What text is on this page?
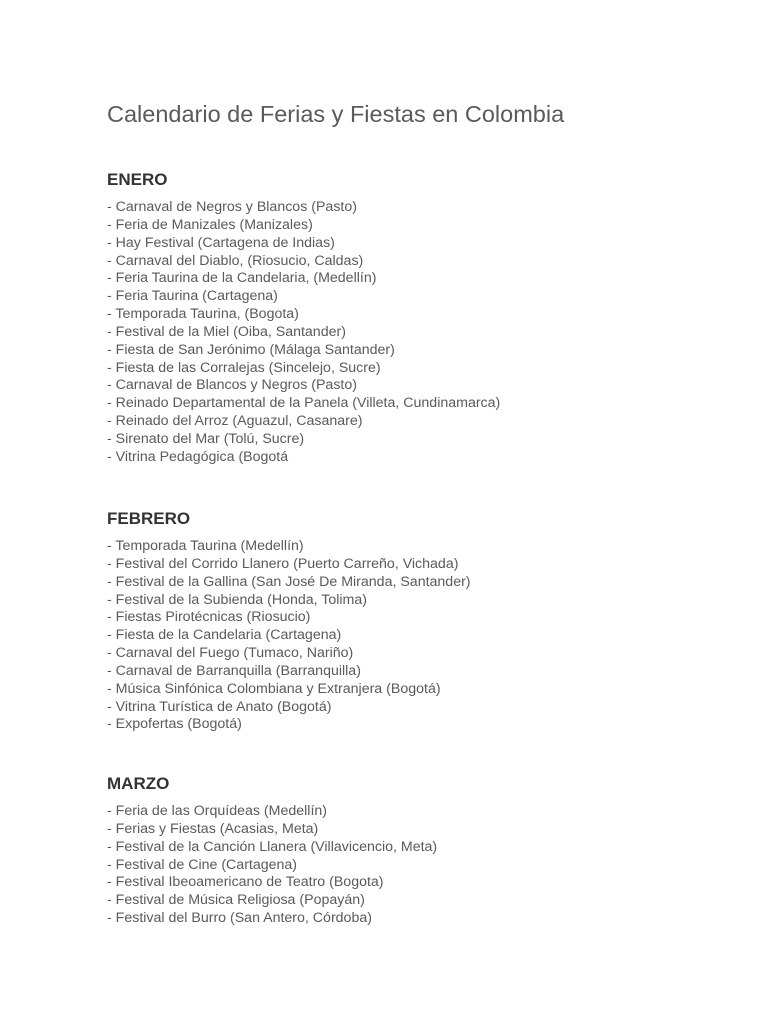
Calendario de Ferias y Fiestas en Colombia
ENERO
- Carnaval de Negros y Blancos (Pasto)
- Feria de Manizales (Manizales)
- Hay Festival (Cartagena de Indias)
- Carnaval del Diablo, (Riosucio, Caldas)
- Feria Taurina de la Candelaria, (Medellín)
- Feria Taurina (Cartagena)
- Temporada Taurina, (Bogota)
- Festival de la Miel (Oiba, Santander)
- Fiesta de San Jerónimo (Málaga Santander)
- Fiesta de las Corralejas (Sincelejo, Sucre)
- Carnaval de Blancos y Negros (Pasto)
- Reinado Departamental de la Panela (Villeta, Cundinamarca)
- Reinado del Arroz (Aguazul, Casanare)
- Sirenato del Mar (Tolú, Sucre)
- Vitrina Pedagógica (Bogotá
FEBRERO
- Temporada Taurina (Medellín)
- Festival del Corrido Llanero (Puerto Carreño, Vichada)
- Festival de la Gallina (San José De Miranda, Santander)
- Festival de la Subienda (Honda, Tolima)
- Fiestas Pirotécnicas (Riosucio)
- Fiesta de la Candelaria (Cartagena)
- Carnaval del Fuego (Tumaco, Nariño)
- Carnaval de Barranquilla (Barranquilla)
- Música Sinfónica Colombiana y Extranjera (Bogotá)
- Vitrina Turística de Anato (Bogotá)
- Expofertas (Bogotá)
MARZO
- Feria de las Orquídeas (Medellín)
- Ferias y Fiestas (Acasias, Meta)
- Festival de la Canción Llanera (Villavicencio, Meta)
- Festival de Cine (Cartagena)
- Festival Ibeoamericano de Teatro (Bogota)
- Festival de Música Religiosa (Popayán)
- Festival del Burro (San Antero, Córdoba)
